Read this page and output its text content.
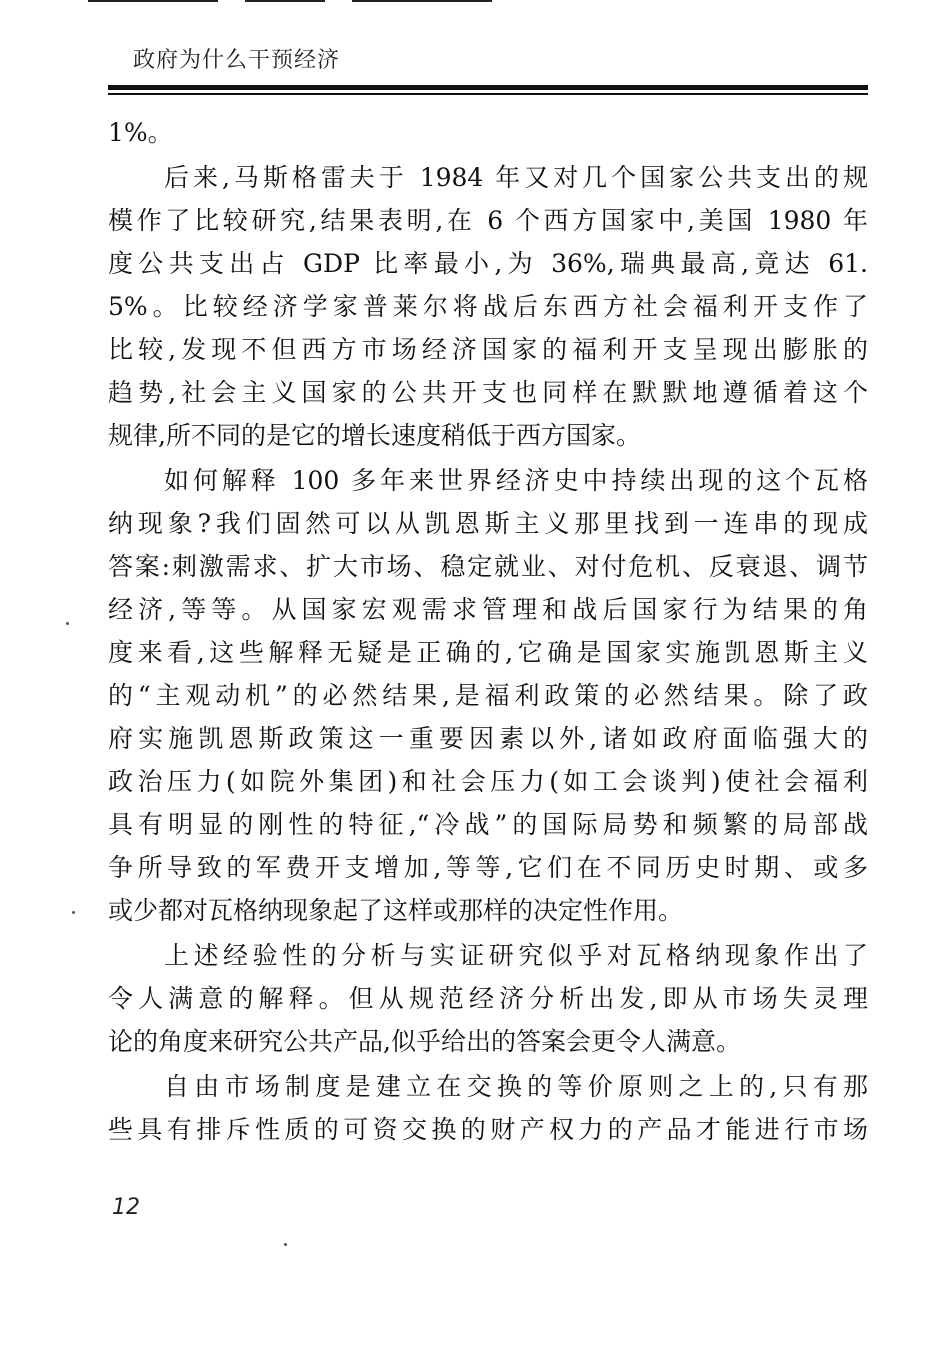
政府为什么干预经济
1%。
后来,马斯格雷夫于 1984 年又对几个国家公共支出的规
模作了比较研究,结果表明,在 6 个西方国家中,美国 1980 年
度公共支出占 GDP 比率最小,为 36%,瑞典最高,竟达 61.
5%。比较经济学家普莱尔将战后东西方社会福利开支作了
比较,发现不但西方市场经济国家的福利开支呈现出膨胀的
趋势,社会主义国家的公共开支也同样在默默地遵循着这个
规律,所不同的是它的增长速度稍低于西方国家。
如何解释 100 多年来世界经济史中持续出现的这个瓦格
纳现象?我们固然可以从凯恩斯主义那里找到一连串的现成
答案:刺激需求、扩大市场、稳定就业、对付危机、反衰退、调节
经济,等等。从国家宏观需求管理和战后国家行为结果的角
度来看,这些解释无疑是正确的,它确是国家实施凯恩斯主义
的“主观动机”的必然结果,是福利政策的必然结果。除了政
府实施凯恩斯政策这一重要因素以外,诸如政府面临强大的
政治压力(如院外集团)和社会压力(如工会谈判)使社会福利
具有明显的刚性的特征,“冷战”的国际局势和频繁的局部战
争所导致的军费开支增加,等等,它们在不同历史时期、或多
或少都对瓦格纳现象起了这样或那样的决定性作用。
上述经验性的分析与实证研究似乎对瓦格纳现象作出了
令人满意的解释。但从规范经济分析出发,即从市场失灵理
论的角度来研究公共产品,似乎给出的答案会更令人满意。
自由市场制度是建立在交换的等价原则之上的,只有那
些具有排斥性质的可资交换的财产权力的产品才能进行市场
12
